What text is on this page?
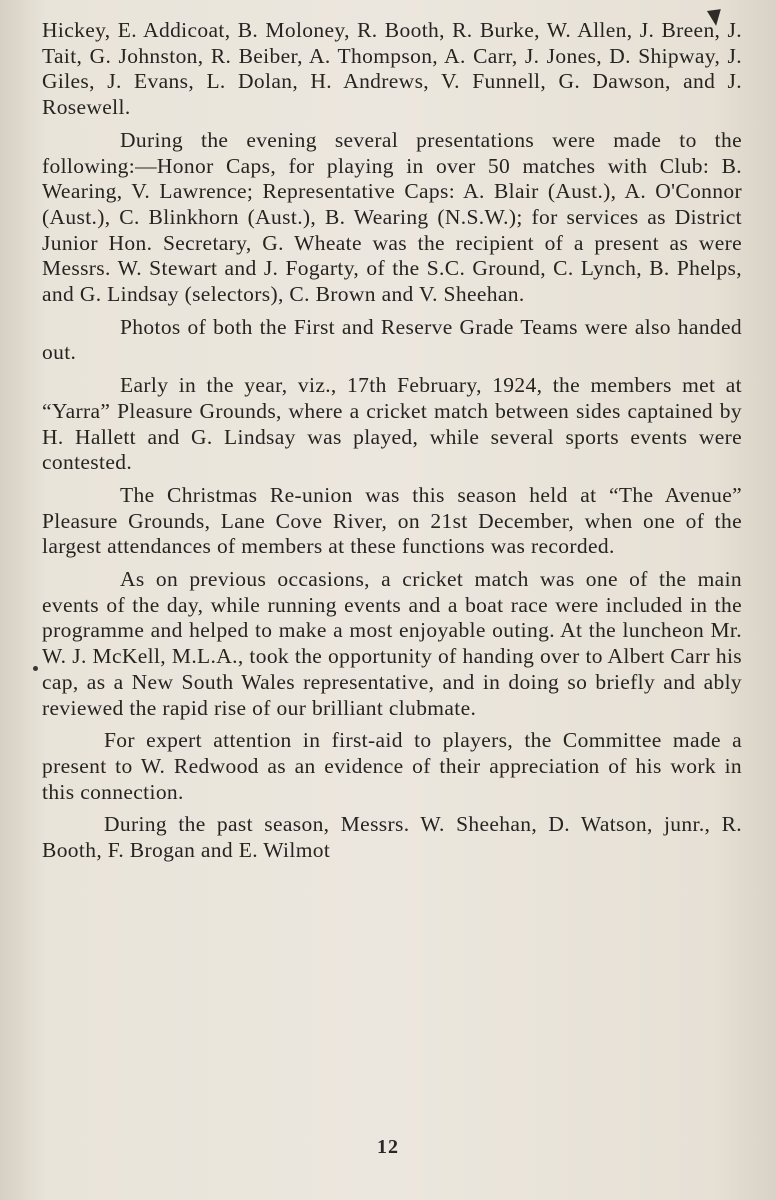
Hickey, E. Addicoat, B. Moloney, R. Booth, R. Burke, W. Allen, J. Breen, J. Tait, G. Johnston, R. Beiber, A. Thompson, A. Carr, J. Jones, D. Shipway, J. Giles, J. Evans, L. Dolan, H. Andrews, V. Funnell, G. Dawson, and J. Rosewell.

During the evening several presentations were made to the following:—Honor Caps, for playing in over 50 matches with Club: B. Wearing, V. Lawrence; Representative Caps: A. Blair (Aust.), A. O'Connor (Aust.), C. Blinkhorn (Aust.), B. Wearing (N.S.W.); for services as District Junior Hon. Secretary, G. Wheate was the recipient of a present as were Messrs. W. Stewart and J. Fogarty, of the S.C. Ground, C. Lynch, B. Phelps, and G. Lindsay (selectors), C. Brown and V. Sheehan.

Photos of both the First and Reserve Grade Teams were also handed out.

Early in the year, viz., 17th February, 1924, the members met at “Yarra” Pleasure Grounds, where a cricket match between sides captained by H. Hallett and G. Lindsay was played, while several sports events were contested.

The Christmas Re-union was this season held at “The Avenue” Pleasure Grounds, Lane Cove River, on 21st December, when one of the largest attendances of members at these functions was recorded.

As on previous occasions, a cricket match was one of the main events of the day, while running events and a boat race were included in the programme and helped to make a most enjoyable outing. At the luncheon Mr. W. J. McKell, M.L.A., took the opportunity of handing over to Albert Carr his cap, as a New South Wales representative, and in doing so briefly and ably reviewed the rapid rise of our brilliant clubmate.

For expert attention in first-aid to players, the Committee made a present to W. Redwood as an evidence of their appreciation of his work in this connection.

During the past season, Messrs. W. Sheehan, D. Watson, junr., R. Booth, F. Brogan and E. Wilmot

12
